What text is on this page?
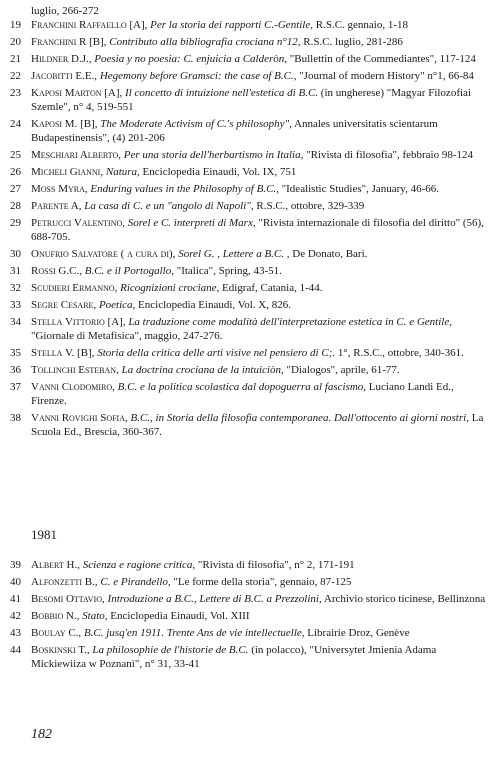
luglio, 266-272
19 Franchini Raffaello [A], Per la storia dei rapporti C.-Gentile, R.S.C. gennaio, 1-18
20 Franchini R [B], Contributo alla bibliografia crociana n°12, R.S.C. luglio, 281-286
21 Hildner D.J., Poesia y no poesia: C. enjuicia a Calderòn, "Bullettin of the Commediantes", 117-124
22 Jacobitti E.E., Hegemony before Gramsci: the case of B.C., "Journal of modern History" n°1, 66-84
23 Kaposi Marton [A], Il concetto di intuizione nell'estetica di B.C. (in ungherese) "Magyar Filozofiai Szemle", n° 4, 519-551
24 Kaposi M. [B], The Moderate Activism of C.'s philosophy", Annales universitatis scientarum Budapestinensis", (4) 201-206
25 Meschiari Alberto, Per una storia dell'herbartismo in Italia, "Rivista di filosofia", febbraio 98-124
26 Micheli Gianni, Natura, Enciclopedia Einaudi, Vol. IX, 751
27 Moss Myra, Enduring values in the Philosophy of B.C., "Idealistic Studies", January, 46-66.
28 Parente A, La casa di C. e un "angolo di Napoli", R.S.C., ottobre, 329-339
29 Petrucci Valentino, Sorel e C. interpreti di Marx, "Rivista internazionale di filosofia del diritto" (56), 688-705.
30 Onufrio Salvatore ( a cura di), Sorel G. , Lettere a B.C. , De Donato, Bari.
31 Rossi G.C., B.C. e il Portogallo, "Italica", Spring, 43-51.
32 Scudieri Ermanno, Ricognizioni crociane, Edigraf, Catania, 1-44.
33 Segre Cesare, Poetica, Enciclopedia Einaudi, Vol. X, 826.
34 Stella Vittorio [A], La traduzione come modalità dell'interpretazione estetica in C. e Gentile, "Giornale di Metafisica", maggio, 247-276.
35 Stella V. [B], Storia della critica delle arti visive nel pensiero di C;. 1°, R.S.C., ottobre, 340-361.
36 Tollinchi Esteban, La doctrina crociana de la intuiciòn, "Dialogos", aprile, 61-77.
37 Vanni Clodomiro, B.C. e la politica scolastica dal dopoguerra al fascismo, Luciano Landi Ed., Firenze.
38 Vanni Rovighi Sofia, B.C., in Storia della filosofia contemporanea. Dall'ottocento ai giorni nostri, La Scuola Ed., Brescia, 360-367.
1981
39 Albert H., Scienza e ragione critica, "Rivista di filosofia", n° 2, 171-191
40 Alfonzetti B., C. e Pirandello, "Le forme della storia", gennaio, 87-125
41 Besomi Ottavio, Introduzione a B.C., Lettere di B.C. a Prezzolini, Archivio storico ticinese, Bellinzona
42 Bobbio N., Stato, Enciclopedia Einaudi, Vol. XIII
43 Boulay C., B.C. jusq'en 1911. Trente Ans de vie intellectuelle, Librairie Droz, Genève
44 Boskinski T., La philosophie de l'historie de B.C. (in polacco), "Universytet Jmienia Adama Mickiewiiza w Poznani", n° 31, 33-41
182
